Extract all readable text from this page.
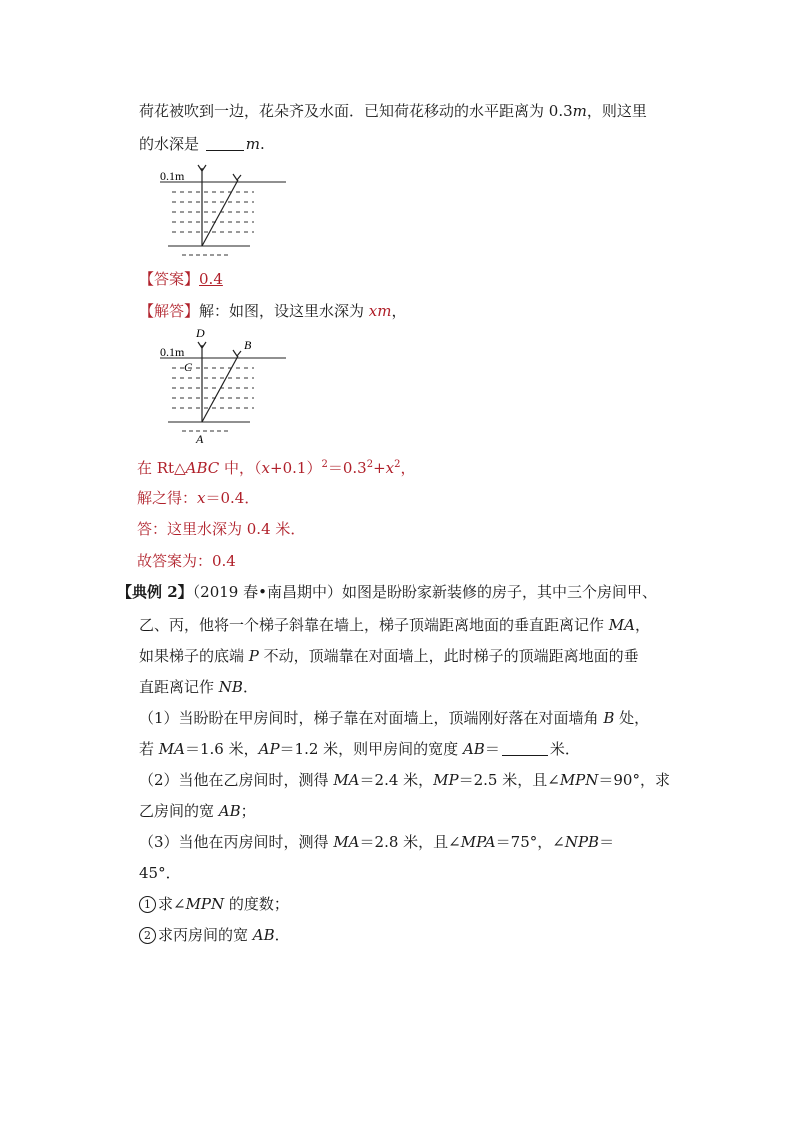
荷花被吹到一边，花朵齐及水面．已知荷花移动的水平距离为 0.3m，则这里
的水深是	m.
0.1m
【答案】0.4
【解答】解：如图，设这里水深为 xm，
D
B
0.1m
C
A
在 Rt△ABC 中，$(x+0.1)^2=0.3^2+x^2$，
解之得：x＝0.4．
答：这里水深为 0.4 米．
故答案为：0.4
【典例 2】（2019 春•南昌期中）如图是盼盼家新装修的房子，其中三个房间甲、
乙、丙，他将一个梯子斜靠在墙上，梯子顶端距离地面的垂直距离记作 MA，
如果梯子的底端 P 不动，顶端靠在对面墙上，此时梯子的顶端距离地面的垂
直距离记作 NB．
（1）当盼盼在甲房间时，梯子靠在对面墙上，顶端刚好落在对面墙角 B 处，
若 MA＝1.6 米，AP＝1.2 米，则甲房间的宽度 AB＝	米．
（2）当他在乙房间时，测得 MA＝2.4 米，MP＝2.5 米，且∠MPN＝90°，求
乙房间的宽 AB；
（3）当他在丙房间时，测得 MA＝2.8 米，且∠MPA＝75°，∠NPB＝
45°．
1 求∠MPN 的度数；
2 求丙房间的宽 AB．
